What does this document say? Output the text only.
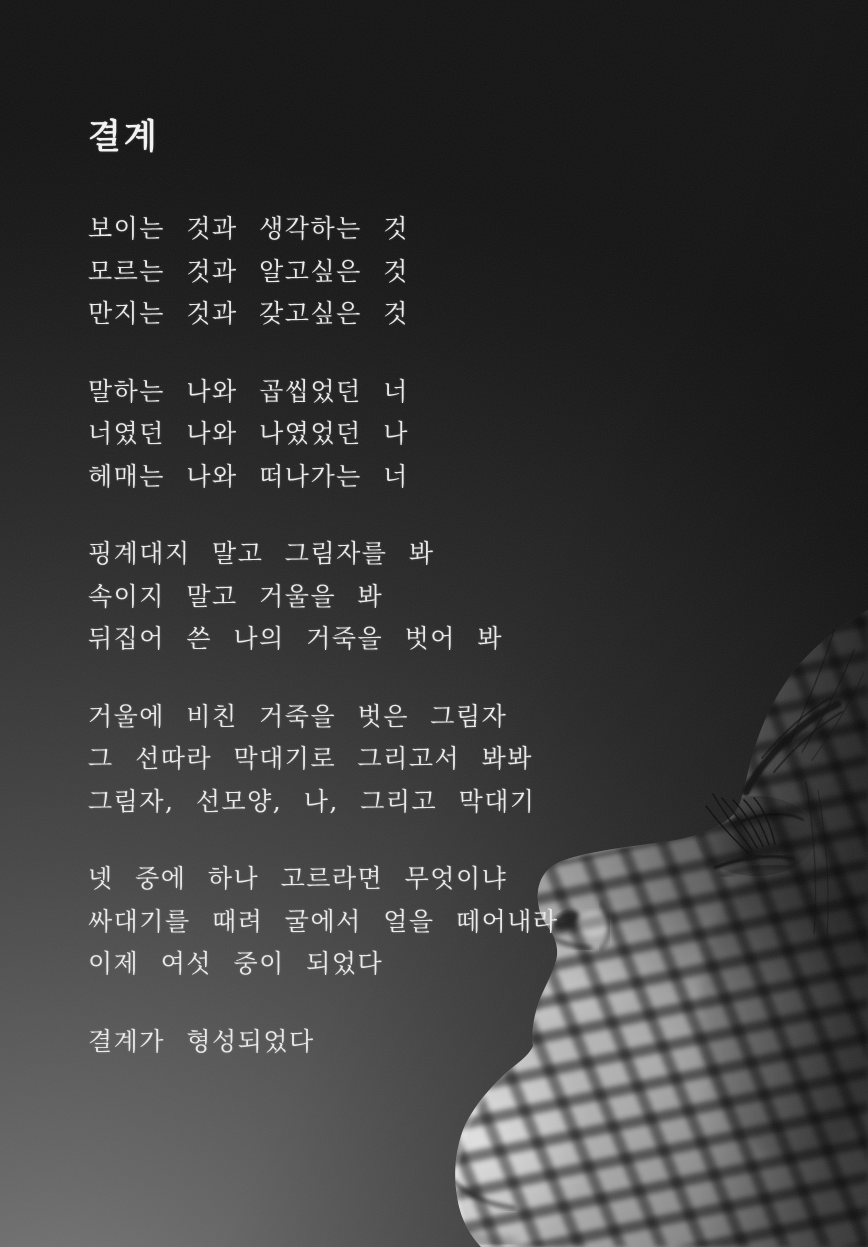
결계
보이는 것과 생각하는 것
모르는 것과 알고싶은 것
만지는 것과 갖고싶은 것
말하는 나와 곱씹었던 너
너였던 나와 나였었던 나
헤매는 나와 떠나가는 너
핑계대지 말고 그림자를 봐
속이지 말고 거울을 봐
뒤집어 쓴 나의 거죽을 벗어 봐
거울에 비친 거죽을 벗은 그림자
그 선따라 막대기로 그리고서 봐봐
그림자, 선모양, 나, 그리고 막대기
넷 중에 하나 고르라면 무엇이냐
싸대기를 때려 굴에서 얼을 떼어내라
이제 여섯 중이 되었다
결계가 형성되었다
